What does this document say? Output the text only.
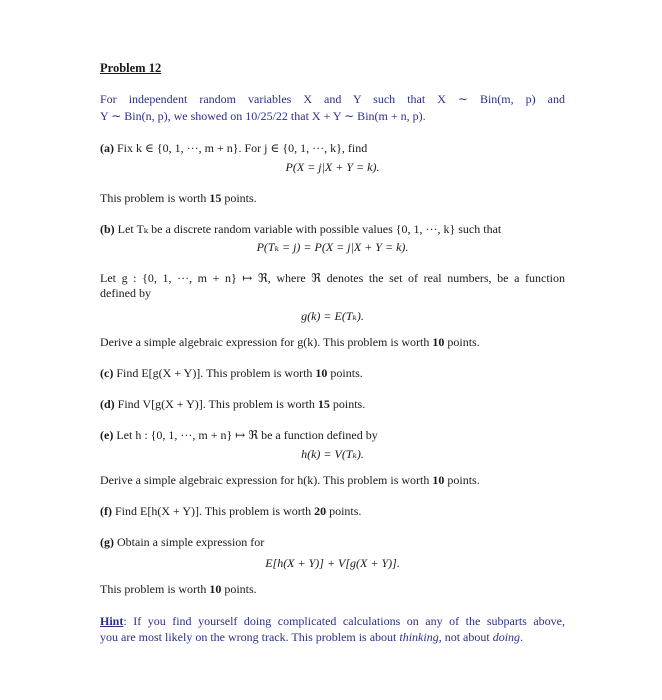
Problem 12
For independent random variables X and Y such that X ∼ Bin(m, p) and
Y ∼ Bin(n, p), we showed on 10/25/22 that X + Y ∼ Bin(m + n, p).
(a) Fix k ∈ {0, 1, ···, m + n}. For j ∈ {0, 1, ···, k}, find
P(X = j|X + Y = k).
This problem is worth 15 points.
(b) Let Tₖ be a discrete random variable with possible values {0, 1, ···, k} such that
P(Tₖ = j) = P(X = j|X + Y = k).
Let g : {0, 1, ···, m + n} ↦ ℜ, where ℜ denotes the set of real numbers, be a function
defined by
g(k) = E(Tₖ).
Derive a simple algebraic expression for g(k). This problem is worth 10 points.
(c) Find E[g(X + Y)]. This problem is worth 10 points.
(d) Find V[g(X + Y)]. This problem is worth 15 points.
(e) Let h : {0, 1, ···, m + n} ↦ ℜ be a function defined by
h(k) = V(Tₖ).
Derive a simple algebraic expression for h(k). This problem is worth 10 points.
(f) Find E[h(X + Y)]. This problem is worth 20 points.
(g) Obtain a simple expression for
E[h(X + Y)] + V[g(X + Y)].
This problem is worth 10 points.
Hint: If you find yourself doing complicated calculations on any of the subparts above,
you are most likely on the wrong track. This problem is about thinking, not about doing.
